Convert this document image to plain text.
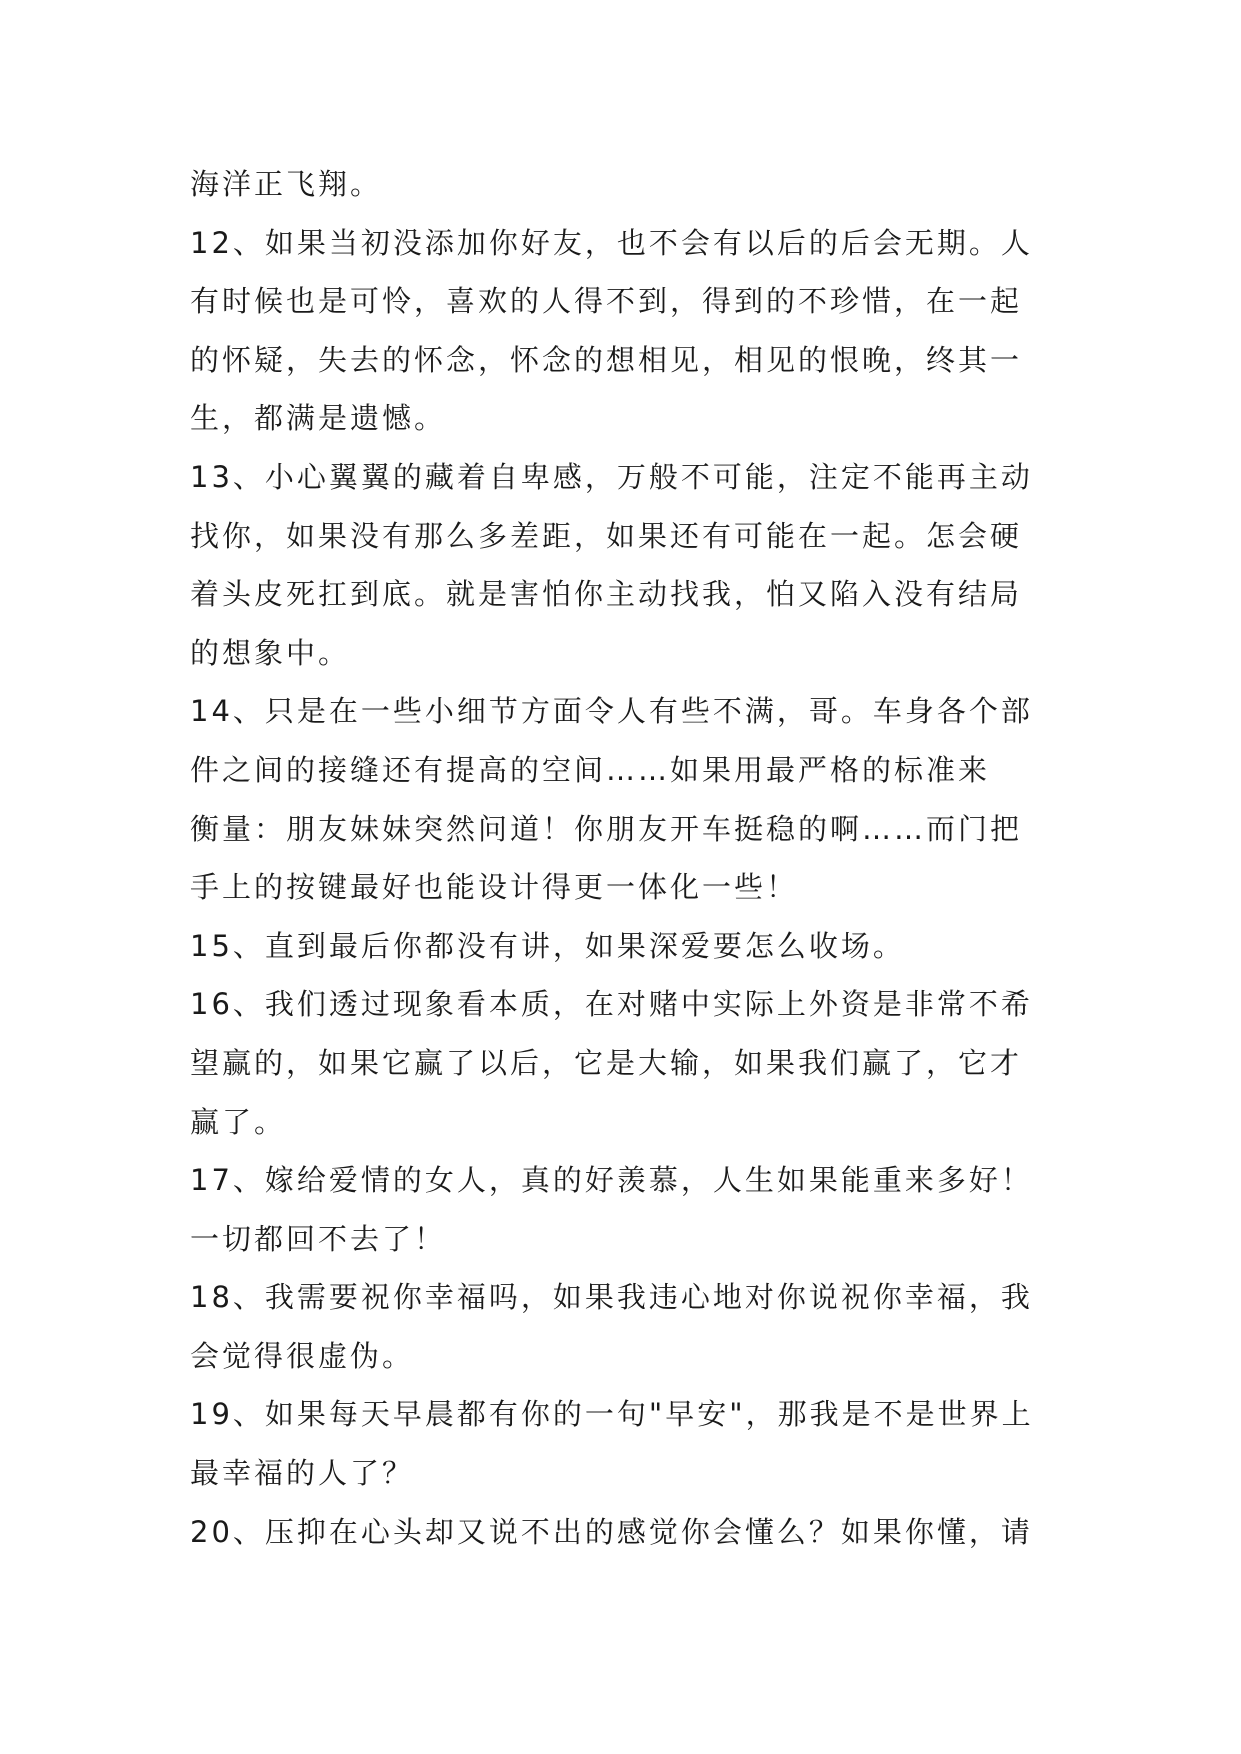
海洋正飞翔。
12、如果当初没添加你好友，也不会有以后的后会无期。人
有时候也是可怜，喜欢的人得不到，得到的不珍惜，在一起
的怀疑，失去的怀念，怀念的想相见，相见的恨晚，终其一
生，都满是遗憾。
13、小心翼翼的藏着自卑感，万般不可能，注定不能再主动
找你，如果没有那么多差距，如果还有可能在一起。怎会硬
着头皮死扛到底。就是害怕你主动找我，怕又陷入没有结局
的想象中。
14、只是在一些小细节方面令人有些不满，哥。车身各个部
件之间的接缝还有提高的空间……如果用最严格的标准来
衡量：朋友妹妹突然问道！你朋友开车挺稳的啊……而门把
手上的按键最好也能设计得更一体化一些！
15、直到最后你都没有讲，如果深爱要怎么收场。
16、我们透过现象看本质，在对赌中实际上外资是非常不希
望赢的，如果它赢了以后，它是大输，如果我们赢了，它才
赢了。
17、嫁给爱情的女人，真的好羡慕，人生如果能重来多好！
一切都回不去了！
18、我需要祝你幸福吗，如果我违心地对你说祝你幸福，我
会觉得很虚伪。
19、如果每天早晨都有你的一句"早安"，那我是不是世界上
最幸福的人了？
20、压抑在心头却又说不出的感觉你会懂么？如果你懂，请
